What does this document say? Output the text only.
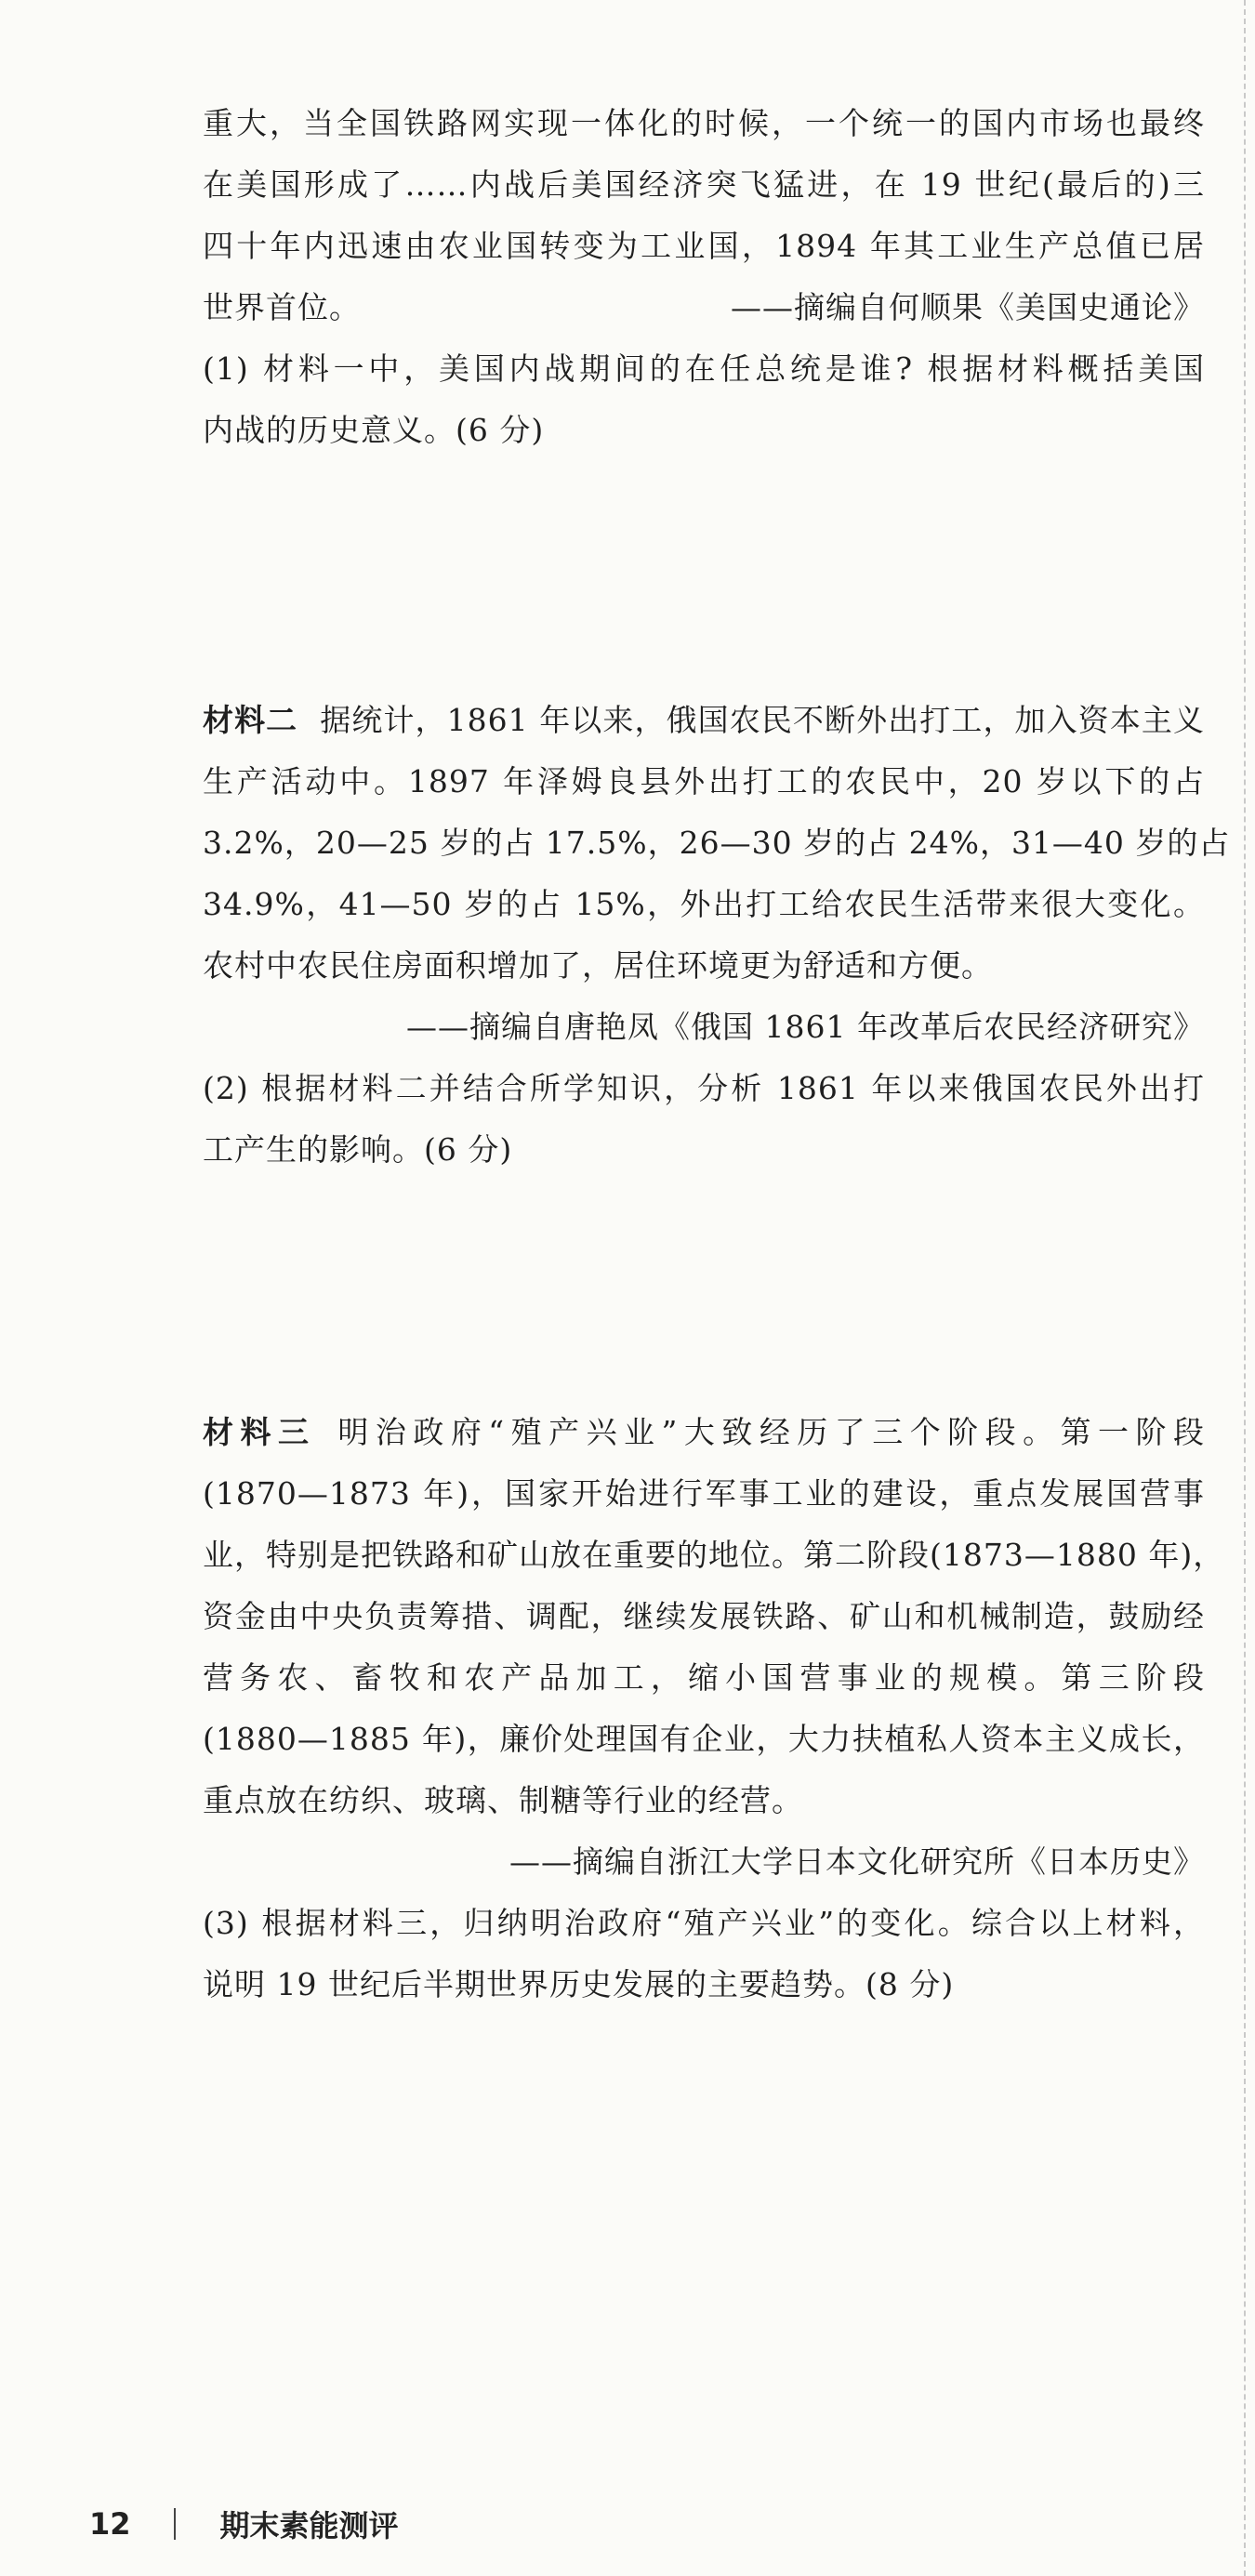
重大，当全国铁路网实现一体化的时候，一个统一的国内市场也最终
在美国形成了……内战后美国经济突飞猛进，在 19 世纪(最后的)三
四十年内迅速由农业国转变为工业国，1894 年其工业生产总值已居
世界首位。	——摘编自何顺果《美国史通论》
(1) 材料一中，美国内战期间的在任总统是谁? 根据材料概括美国
内战的历史意义。(6 分)
材料二 据统计，1861 年以来，俄国农民不断外出打工，加入资本主义
生产活动中。1897 年泽姆良县外出打工的农民中，20 岁以下的占
3.2%，20—25 岁的占 17.5%，26—30 岁的占 24%，31—40 岁的占
34.9%，41—50 岁的占 15%，外出打工给农民生活带来很大变化。
农村中农民住房面积增加了，居住环境更为舒适和方便。
——摘编自唐艳凤《俄国 1861 年改革后农民经济研究》
(2) 根据材料二并结合所学知识，分析 1861 年以来俄国农民外出打
工产生的影响。(6 分)
材料三 明治政府“殖产兴业”大致经历了三个阶段。第一阶段
(1870—1873 年)，国家开始进行军事工业的建设，重点发展国营事
业，特别是把铁路和矿山放在重要的地位。第二阶段(1873—1880 年)，
资金由中央负责筹措、调配，继续发展铁路、矿山和机械制造，鼓励经
营务农、畜牧和农产品加工，缩小国营事业的规模。第三阶段
(1880—1885 年)，廉价处理国有企业，大力扶植私人资本主义成长，
重点放在纺织、玻璃、制糖等行业的经营。
——摘编自浙江大学日本文化研究所《日本历史》
(3) 根据材料三，归纳明治政府“殖产兴业”的变化。综合以上材料，
说明 19 世纪后半期世界历史发展的主要趋势。(8 分)
12	期末素能测评
